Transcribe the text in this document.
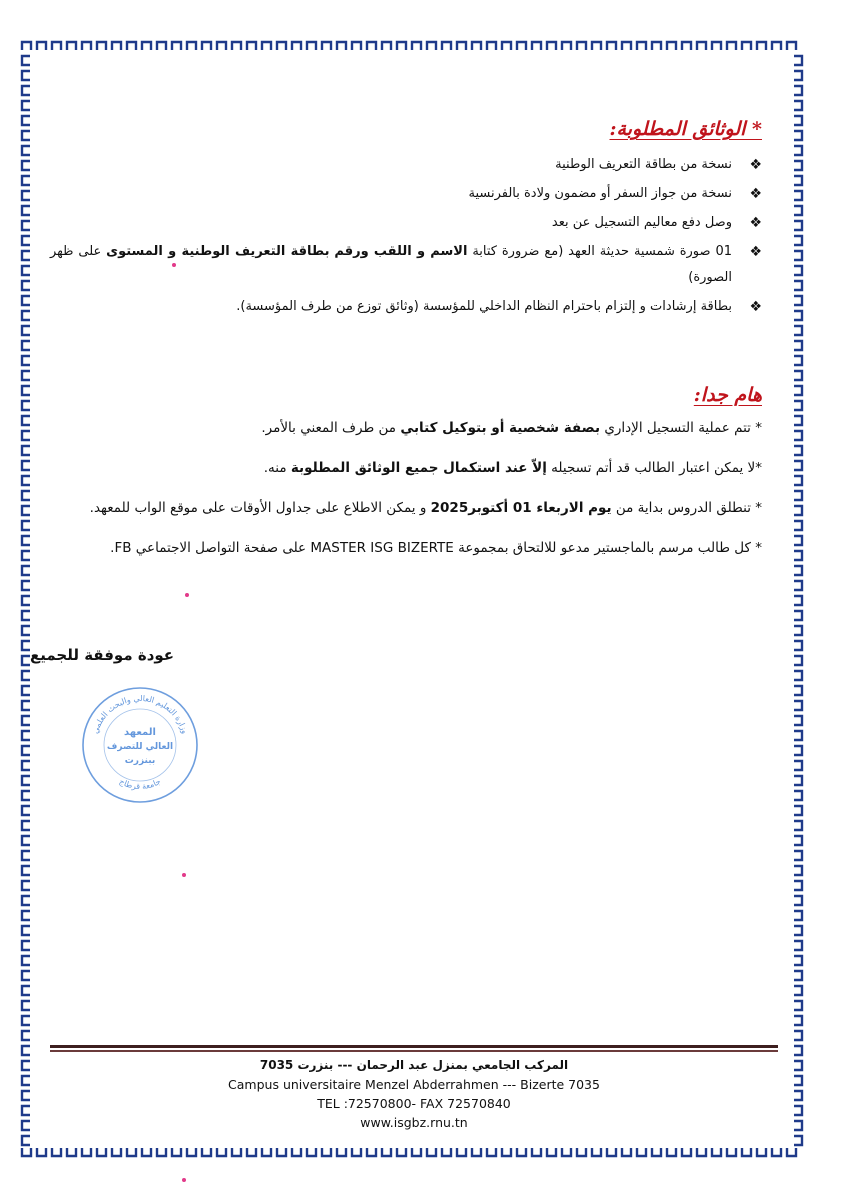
* الوثائق المطلوبة:
❖
نسخة من بطاقة التعريف الوطنية
❖
نسخة من جواز السفر أو مضمون ولادة بالفرنسية
❖
وصل دفع معاليم التسجيل عن بعد
❖
01 صورة شمسية حديثة العهد (مع ضرورة كتابة الاسم و اللقب ورقم بطاقة التعريف الوطنية و المستوى على ظهر الصورة)
❖
بطاقة إرشادات و إلتزام باحترام النظام الداخلي للمؤسسة (وثائق توزع من طرف المؤسسة).
هام جدا:

* تتم عملية التسجيل الإداري بصفة شخصية أو بتوكيل كتابي من طرف المعني بالأمر.

*لا يمكن اعتبار الطالب قد أتم تسجيله إلاّ عند استكمال جميع الوثائق المطلوبة منه.

* تنطلق الدروس بداية من يوم الاربعاء 01 أكتوبر2025 و يمكن الاطلاع على جداول الأوقات على موقع الواب للمعهد.

* كل طالب مرسم بالماجستير مدعو للالتحاق بمجموعة MASTER ISG BIZERTE على صفحة التواصل الاجتماعي FB.

عودة موفقة للجميع
وزارة التعليم العالي والبحث العلمي
جامعة قرطاج
المعهد
العالي للتصرف
ببنزرت
المركب الجامعي بمنزل عبد الرحمان --- بنزرت 7035
Campus universitaire Menzel Abderrahmen --- Bizerte 7035
TEL :72570800- FAX 72570840
www.isgbz.rnu.tn
